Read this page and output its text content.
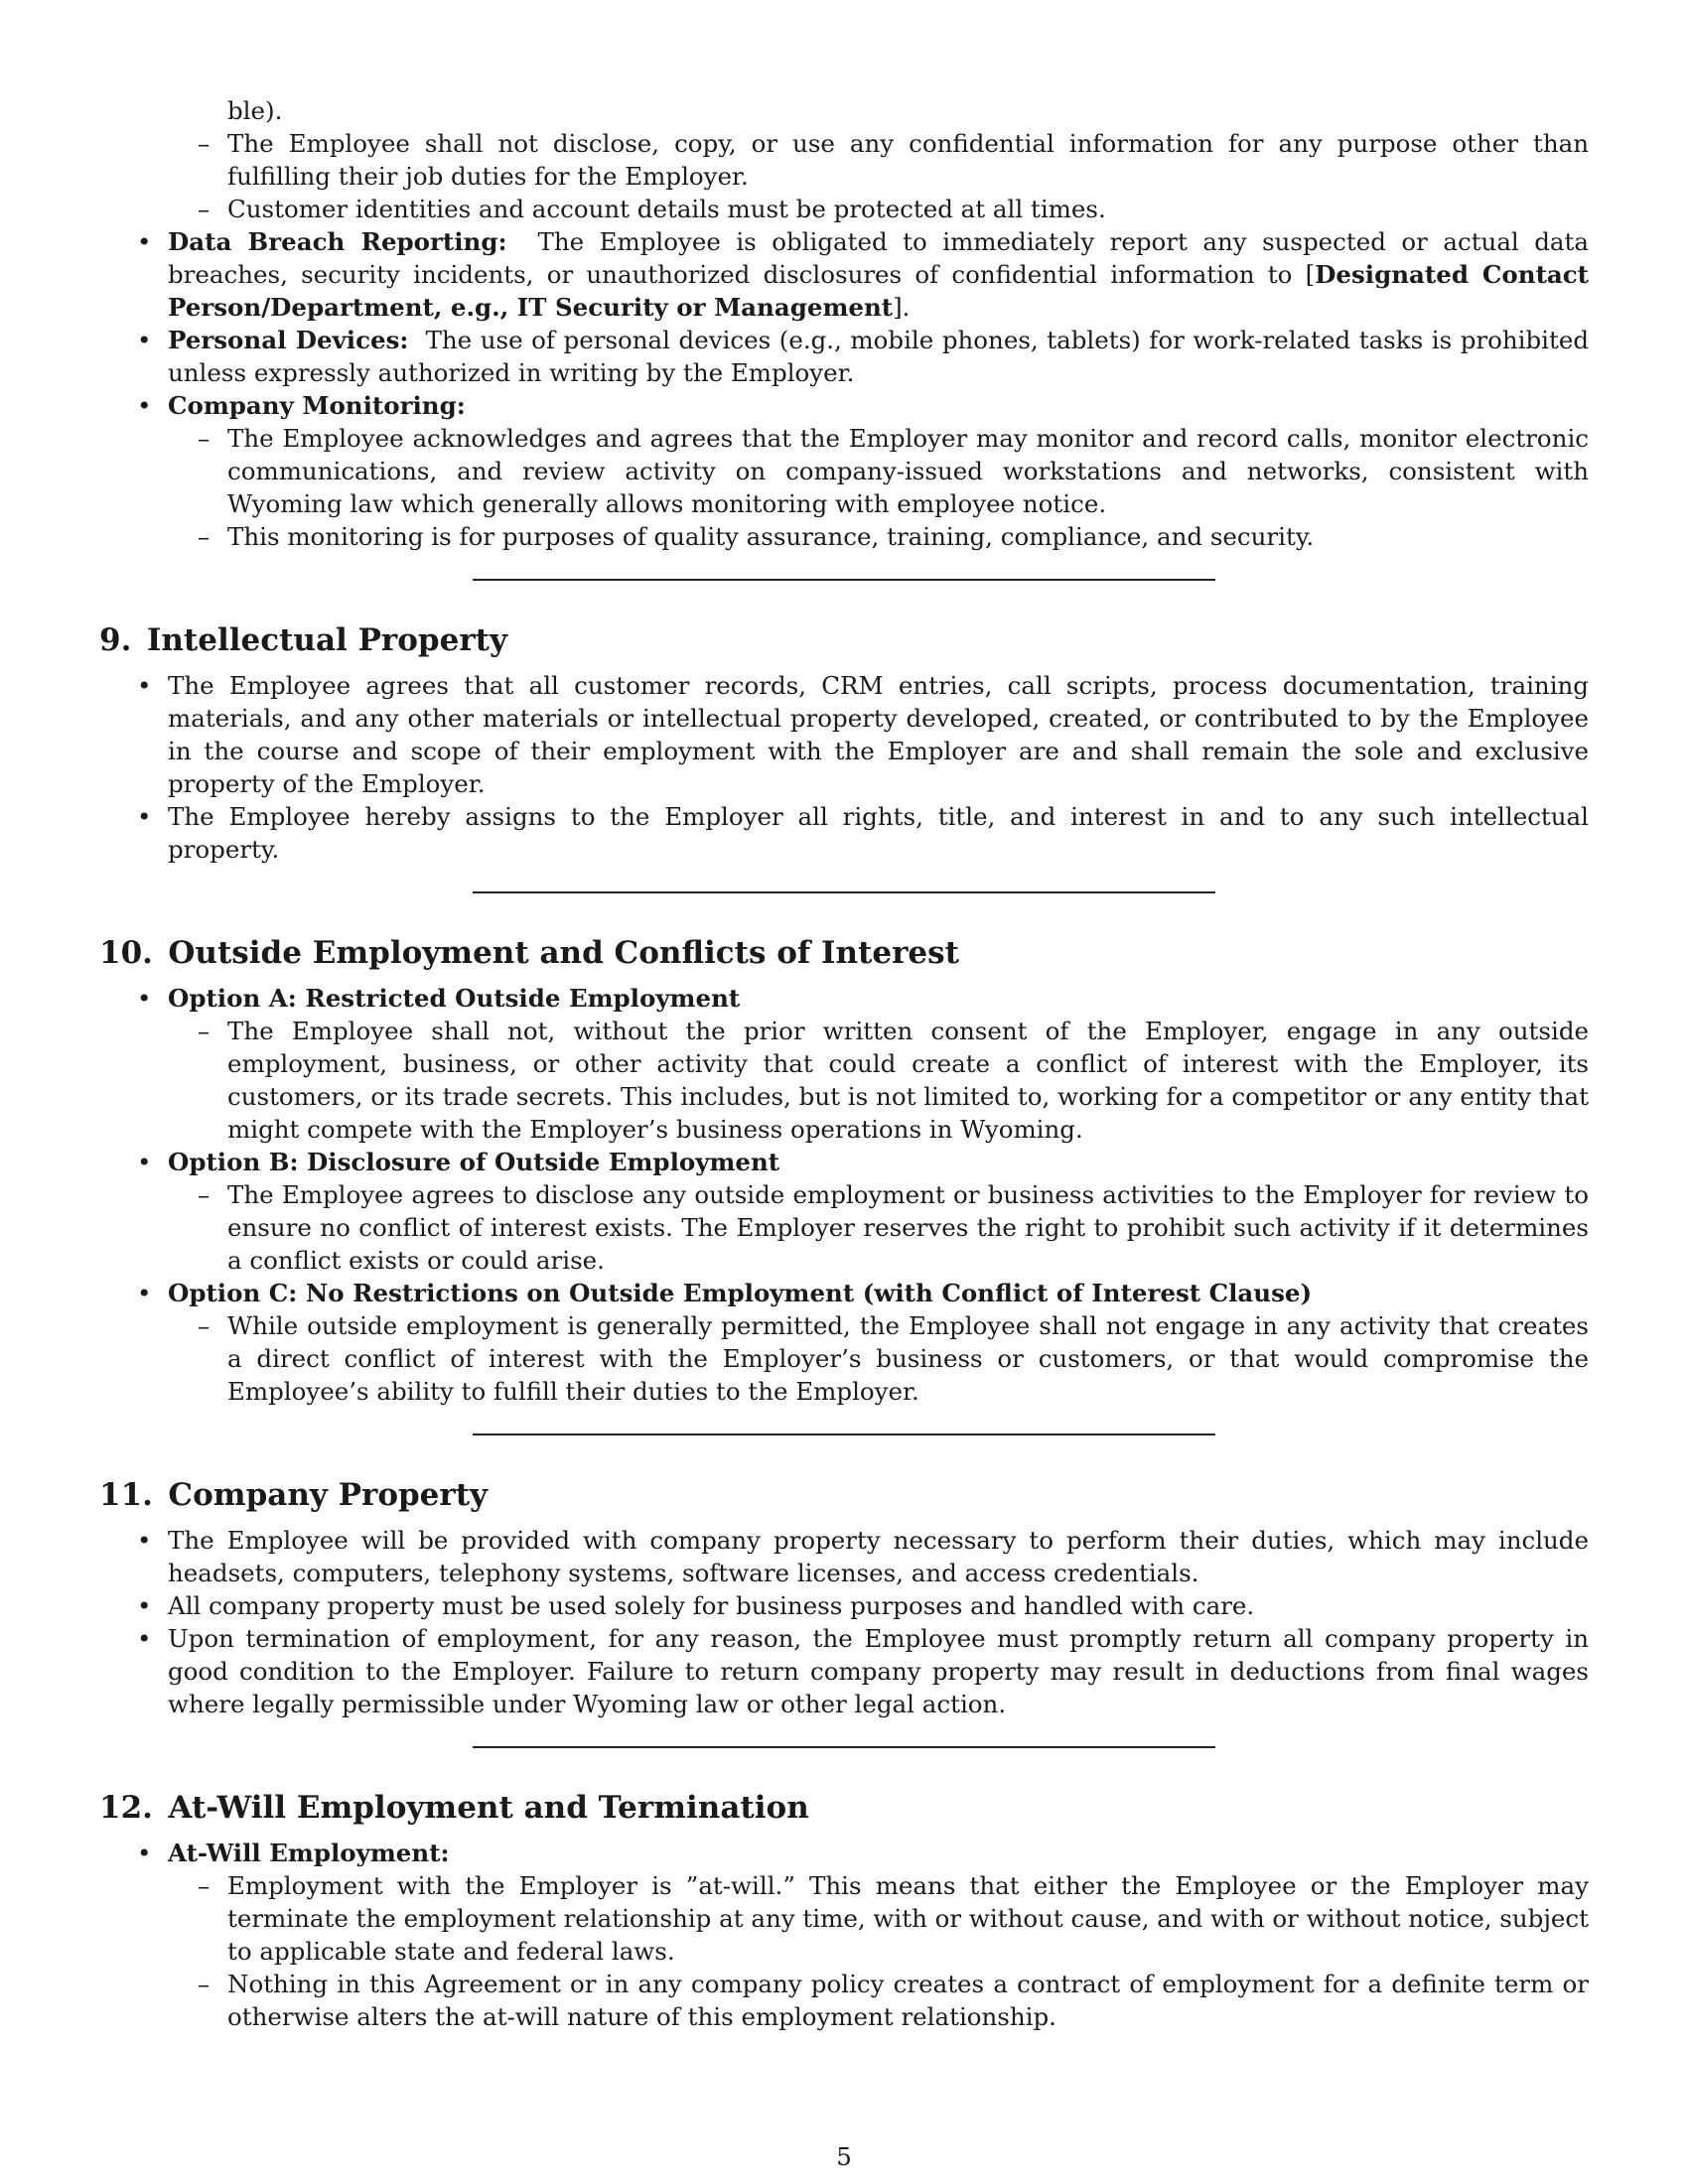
ble).

– The Employee shall not disclose, copy, or use any confidential information for any purpose other than fulfilling their job duties for the Employer.

– Customer identities and account details must be protected at all times.

• Data Breach Reporting: The Employee is obligated to immediately report any suspected or actual data breaches, security incidents, or unauthorized disclosures of confidential information to [Designated Contact Person/Department, e.g., IT Security or Management].

• Personal Devices: The use of personal devices (e.g., mobile phones, tablets) for work-related tasks is prohibited unless expressly authorized in writing by the Employer.

• Company Monitoring:

– The Employee acknowledges and agrees that the Employer may monitor and record calls, monitor electronic communications, and review activity on company-issued workstations and networks, consistent with Wyoming law which generally allows monitoring with employee notice.

– This monitoring is for purposes of quality assurance, training, compliance, and security.

9. Intellectual Property
• The Employee agrees that all customer records, CRM entries, call scripts, process documentation, training materials, and any other materials or intellectual property developed, created, or contributed to by the Employee in the course and scope of their employment with the Employer are and shall remain the sole and exclusive property of the Employer.

• The Employee hereby assigns to the Employer all rights, title, and interest in and to any such intellectual property.

10. Outside Employment and Conflicts of Interest
• Option A: Restricted Outside Employment

– The Employee shall not, without the prior written consent of the Employer, engage in any outside employment, business, or other activity that could create a conflict of interest with the Employer, its customers, or its trade secrets. This includes, but is not limited to, working for a competitor or any entity that might compete with the Employer’s business operations in Wyoming.

• Option B: Disclosure of Outside Employment

– The Employee agrees to disclose any outside employment or business activities to the Employer for review to ensure no conflict of interest exists. The Employer reserves the right to prohibit such activity if it determines a conflict exists or could arise.

• Option C: No Restrictions on Outside Employment (with Conflict of Interest Clause)

– While outside employment is generally permitted, the Employee shall not engage in any activity that creates a direct conflict of interest with the Employer’s business or customers, or that would compromise the Employee’s ability to fulfill their duties to the Employer.

11. Company Property
• The Employee will be provided with company property necessary to perform their duties, which may include headsets, computers, telephony systems, software licenses, and access credentials.

• All company property must be used solely for business purposes and handled with care.

• Upon termination of employment, for any reason, the Employee must promptly return all company property in good condition to the Employer. Failure to return company property may result in deductions from final wages where legally permissible under Wyoming law or other legal action.

12. At-Will Employment and Termination
• At-Will Employment:

– Employment with the Employer is ”at-will.” This means that either the Employee or the Employer may terminate the employment relationship at any time, with or without cause, and with or without notice, subject to applicable state and federal laws.

– Nothing in this Agreement or in any company policy creates a contract of employment for a definite term or otherwise alters the at-will nature of this employment relationship.

5
